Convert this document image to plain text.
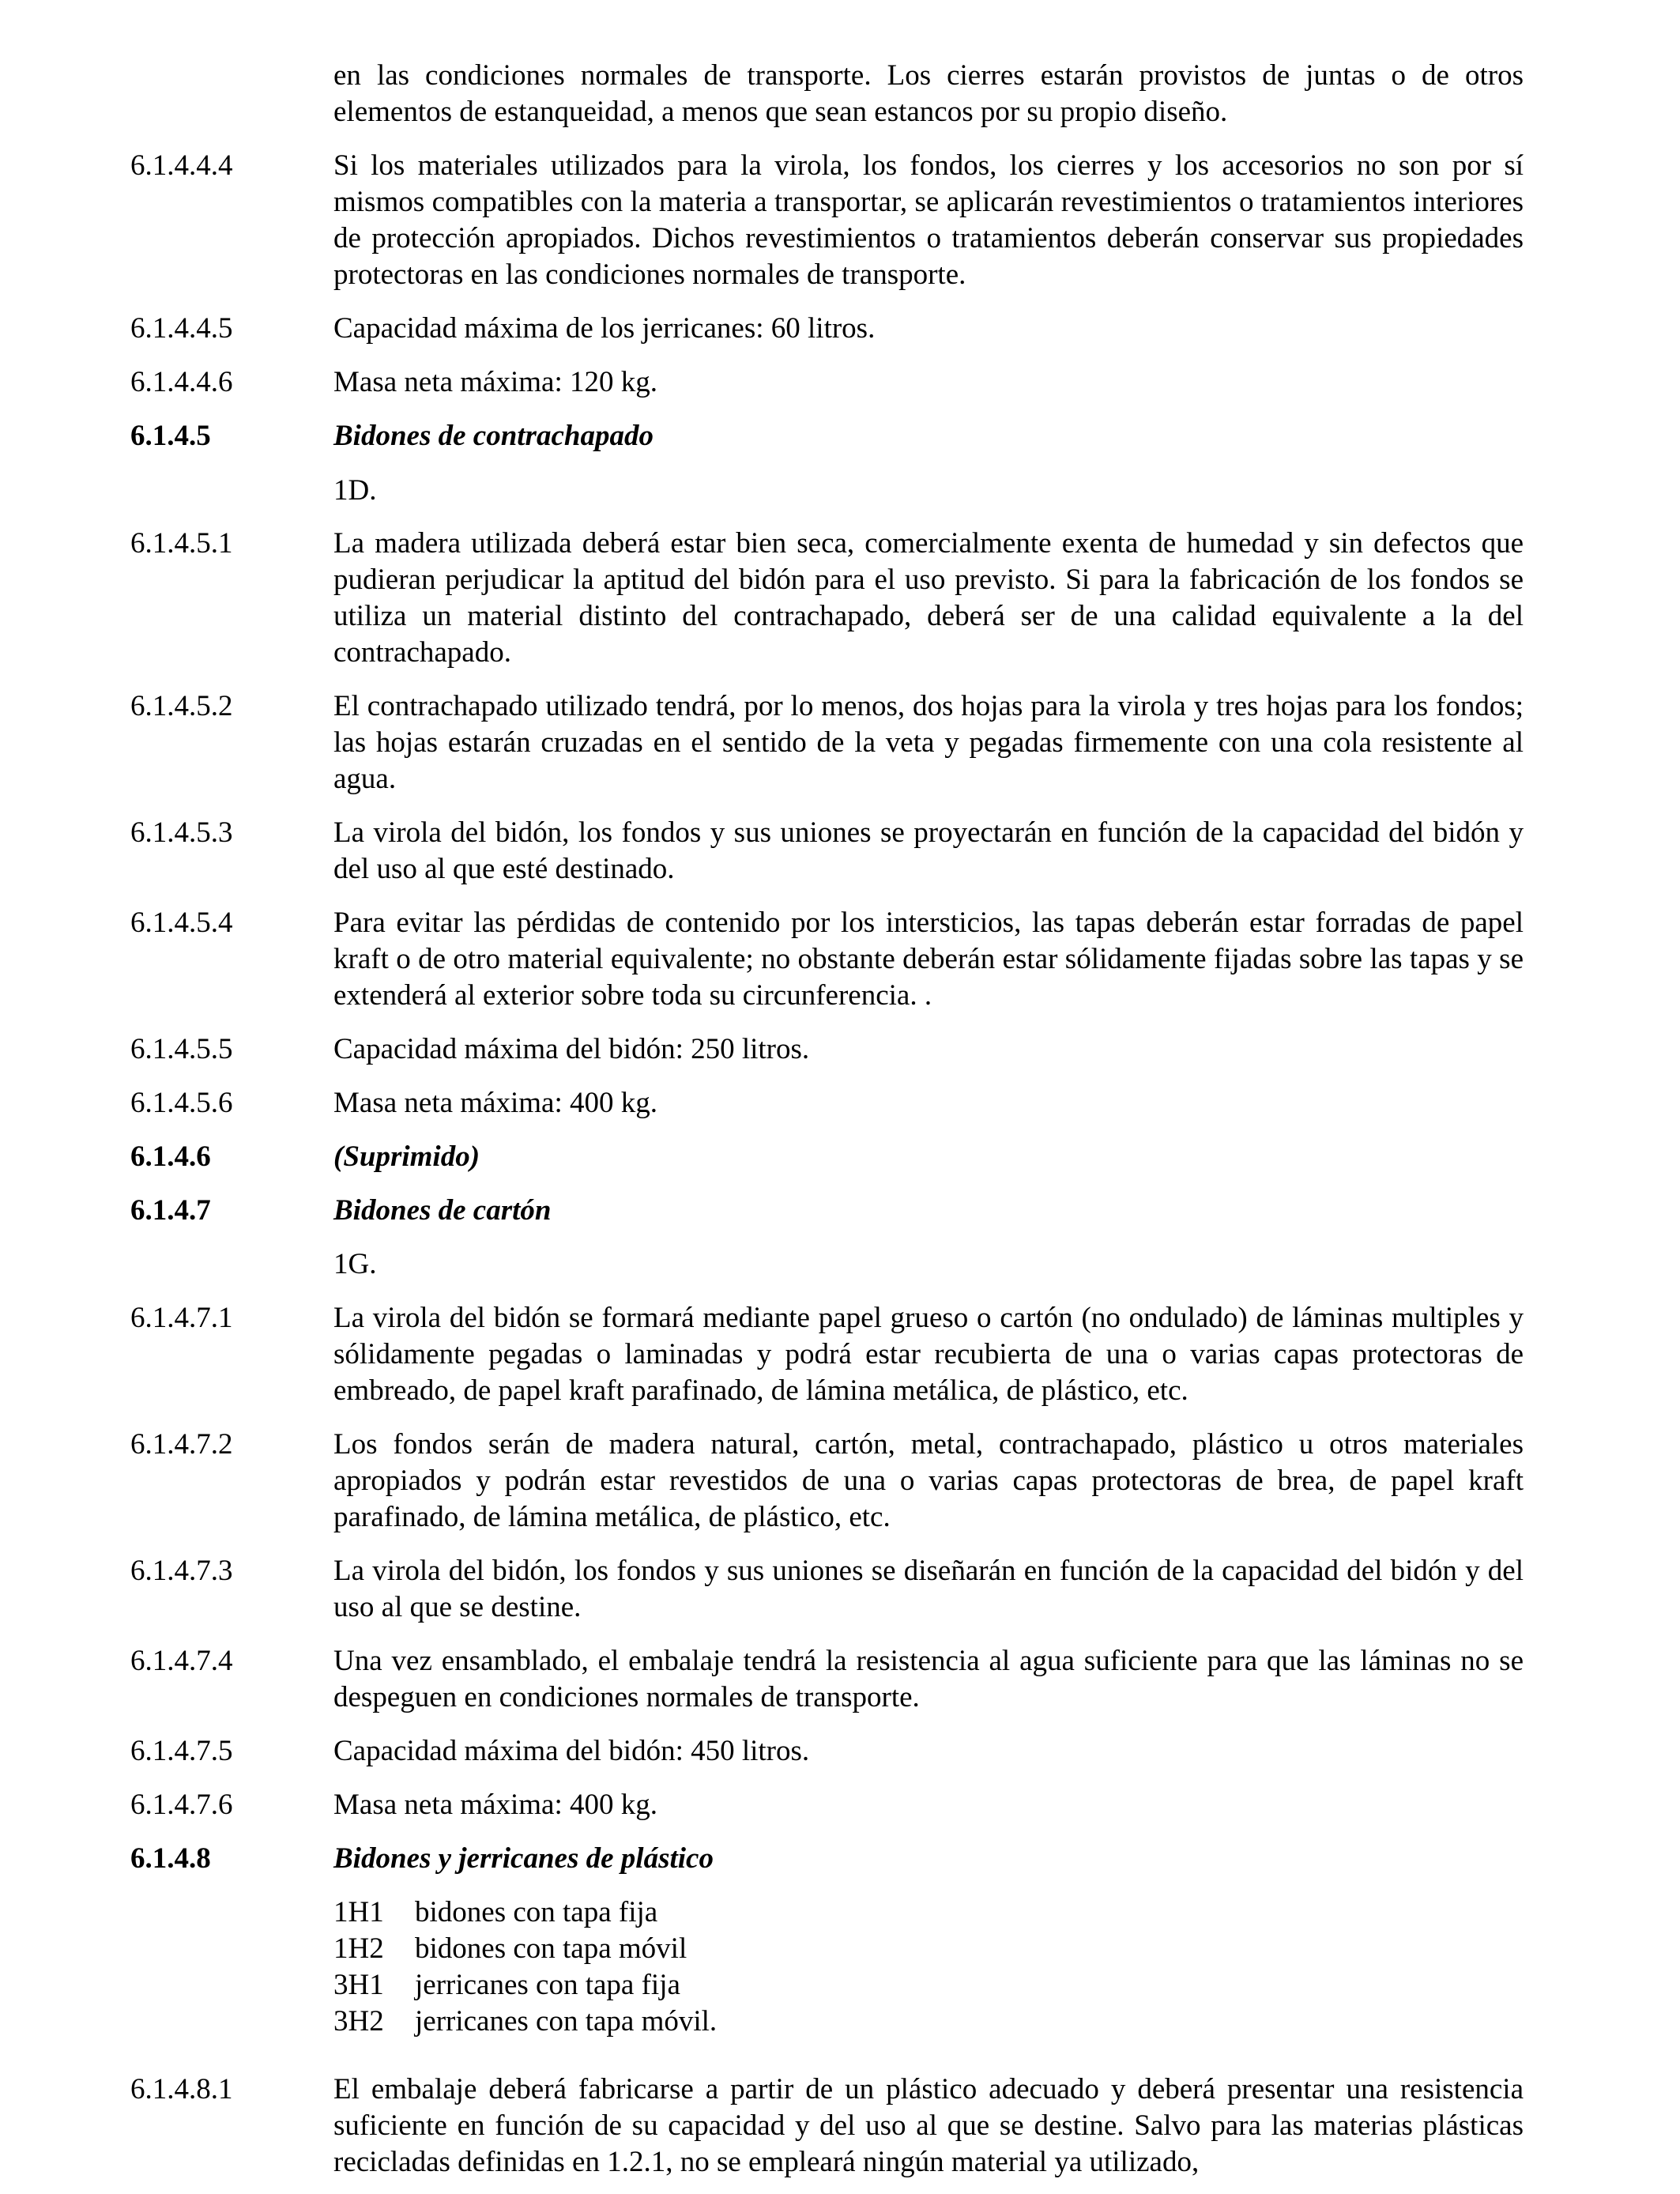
en las condiciones normales de transporte. Los cierres estarán provistos de juntas o de otros elementos de estanqueidad, a menos que sean estancos por su propio diseño.
6.1.4.4.4	Si los materiales utilizados para la virola, los fondos, los cierres y los accesorios no son por sí mismos compatibles con la materia a transportar, se aplicarán revestimientos o tratamientos interiores de protección apropiados. Dichos revestimientos o tratamientos deberán conservar sus propiedades protectoras en las condiciones normales de transporte.
6.1.4.4.5	Capacidad máxima de los jerricanes: 60 litros.
6.1.4.4.6	Masa neta máxima: 120 kg.
6.1.4.5	Bidones de contrachapado
1D.
6.1.4.5.1	La madera utilizada deberá estar bien seca, comercialmente exenta de humedad y sin defectos que pudieran perjudicar la aptitud del bidón para el uso previsto. Si para la fabricación de los fondos se utiliza un material distinto del contrachapado, deberá ser de una calidad equivalente a la del contrachapado.
6.1.4.5.2	El contrachapado utilizado tendrá, por lo menos, dos hojas para la virola y tres hojas para los fondos; las hojas estarán cruzadas en el sentido de la veta y pegadas firmemente con una cola resistente al agua.
6.1.4.5.3	La virola del bidón, los fondos y sus uniones se proyectarán en función de la capacidad del bidón y del uso al que esté destinado.
6.1.4.5.4	Para evitar las pérdidas de contenido por los intersticios, las tapas deberán estar forradas de papel kraft o de otro material equivalente; no obstante deberán estar sólidamente fijadas sobre las tapas y se extenderá al exterior sobre toda su circunferencia. .
6.1.4.5.5	Capacidad máxima del bidón: 250 litros.
6.1.4.5.6	Masa neta máxima: 400 kg.
6.1.4.6	(Suprimido)
6.1.4.7	Bidones de cartón
1G.
6.1.4.7.1	La virola del bidón se formará mediante papel grueso o cartón (no ondulado) de láminas multiples y sólidamente pegadas o laminadas y podrá estar recubierta de una o varias capas protectoras de embreado, de papel kraft parafinado, de lámina metálica, de plástico, etc.
6.1.4.7.2	Los fondos serán de madera natural, cartón, metal, contrachapado, plástico u otros materiales apropiados y podrán estar revestidos de una o varias capas protectoras de brea, de papel kraft parafinado, de lámina metálica, de plástico, etc.
6.1.4.7.3	La virola del bidón, los fondos y sus uniones se diseñarán en función de la capacidad del bidón y del uso al que se destine.
6.1.4.7.4	Una vez ensamblado, el embalaje tendrá la resistencia al agua suficiente para que las láminas no se despeguen en condiciones normales de transporte.
6.1.4.7.5	Capacidad máxima del bidón: 450 litros.
6.1.4.7.6	Masa neta máxima: 400 kg.
6.1.4.8	Bidones y jerricanes de plástico
1H1 bidones con tapa fija
1H2 bidones con tapa móvil
3H1 jerricanes con tapa fija
3H2 jerricanes con tapa móvil.
6.1.4.8.1	El embalaje deberá fabricarse a partir de un plástico adecuado y deberá presentar una resistencia suficiente en función de su capacidad y del uso al que se destine. Salvo para las materias plásticas recicladas definidas en 1.2.1, no se empleará ningún material ya utilizado,
